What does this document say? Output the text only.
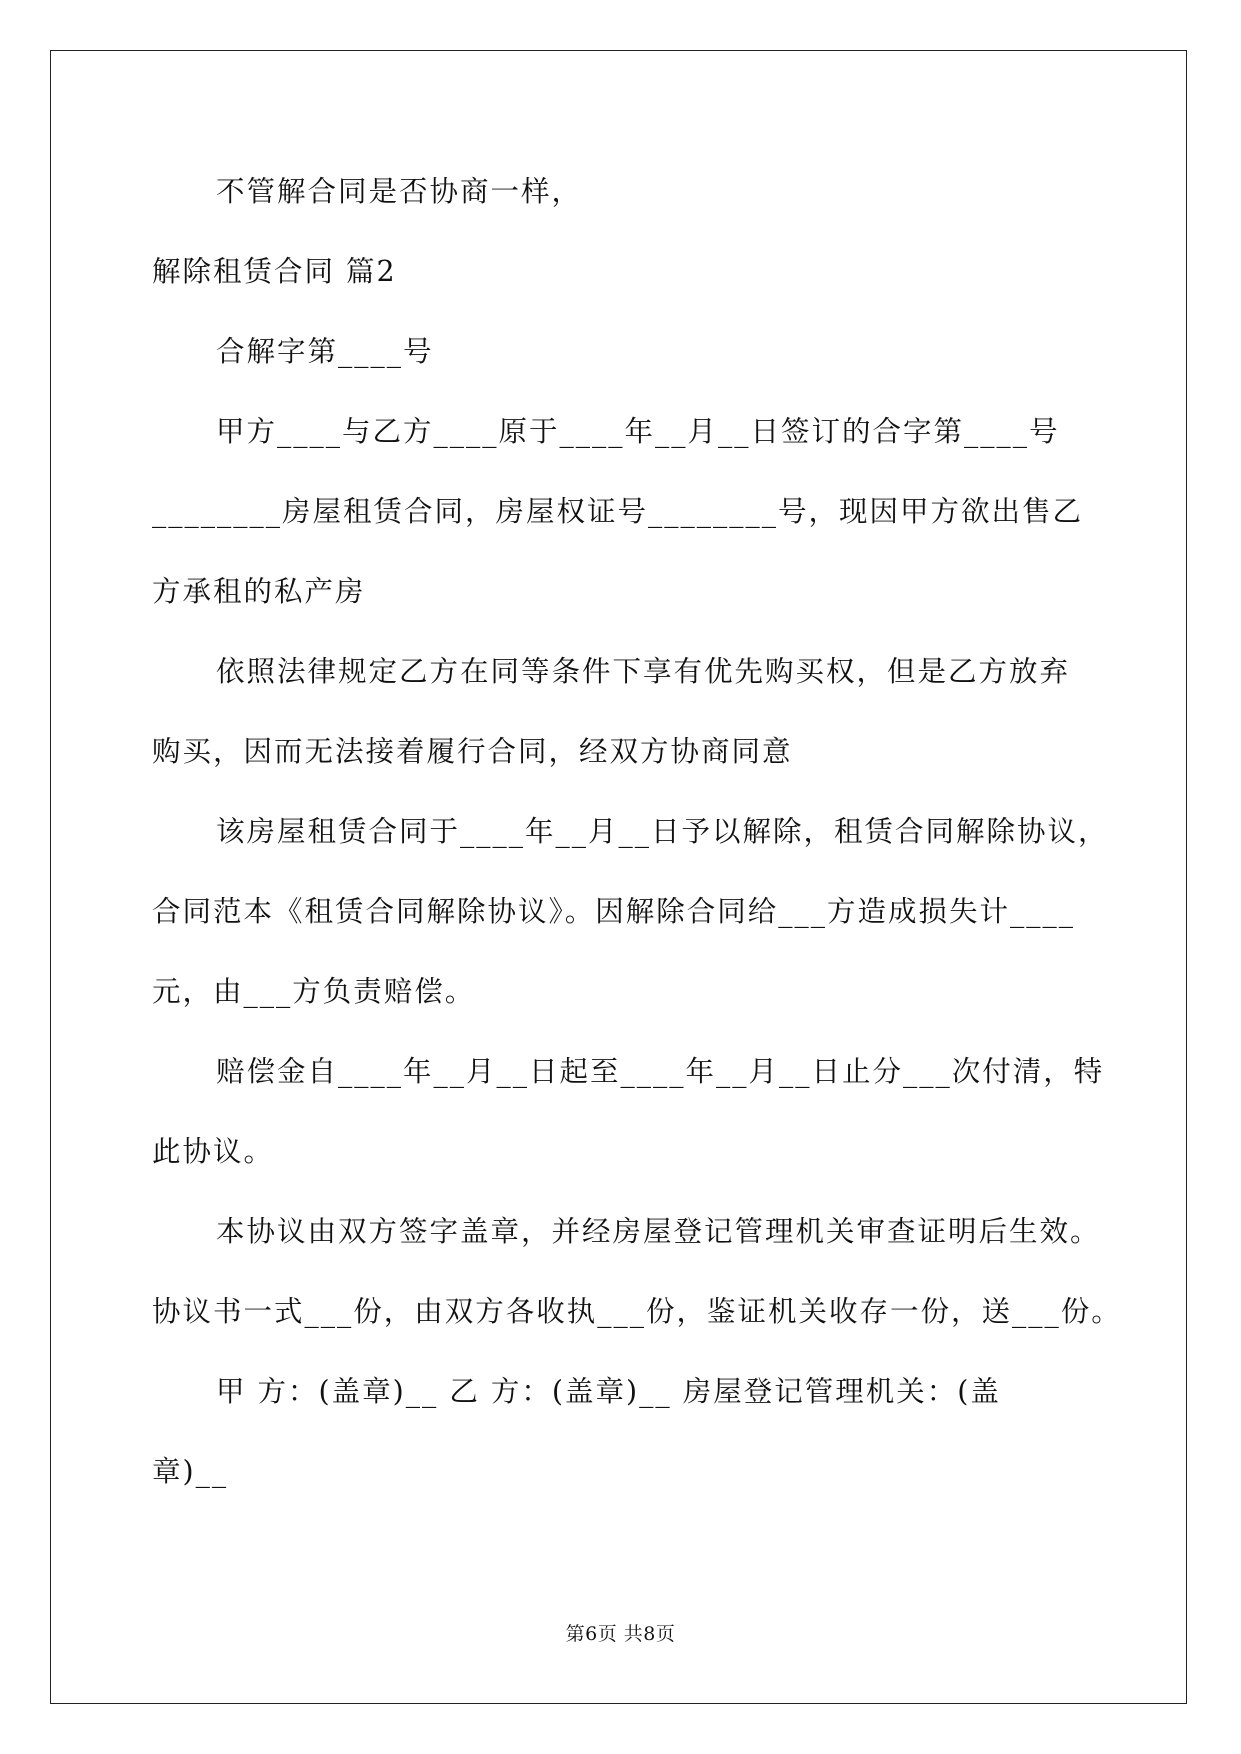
不管解合同是否协商一样，
解除租赁合同 篇2
合解字第____号
甲方____与乙方____原于____年__月__日签订的合字第____号
________房屋租赁合同，房屋权证号________号，现因甲方欲出售乙
方承租的私产房
依照法律规定乙方在同等条件下享有优先购买权，但是乙方放弃
购买，因而无法接着履行合同，经双方协商同意
该房屋租赁合同于____年__月__日予以解除，租赁合同解除协议，
合同范本《租赁合同解除协议》。因解除合同给___方造成损失计____
元，由___方负责赔偿。
赔偿金自____年__月__日起至____年__月__日止分___次付清，特
此协议。
本协议由双方签字盖章，并经房屋登记管理机关审查证明后生效。
协议书一式___份，由双方各收执___份，鉴证机关收存一份，送___份。
甲 方：(盖章)__ 乙 方：(盖章)__ 房屋登记管理机关：(盖
章)__
第6页 共8页
